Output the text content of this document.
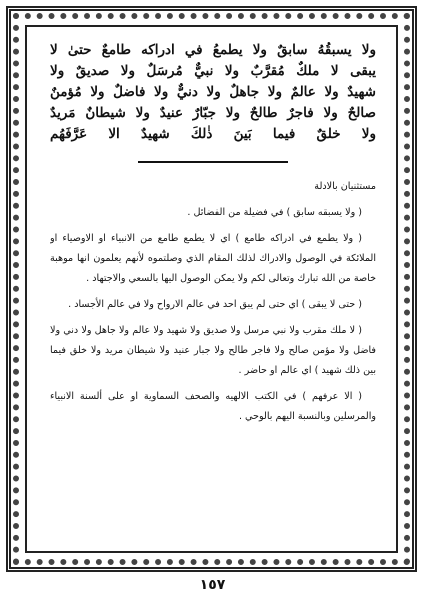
ولا يسبقُهُ سابقٌ ولا يطمعُ في ادراكه طامعٌ حتىٰ لا
يبقى لا ملكٌ مُقرَّبٌ ولا نبيٌّ مُرسَلٌ ولا صديقٌ ولا
شهيدٌ ولا عالمٌ ولا جاهلٌ ولا دنيٌّ ولا فاضلٌ ولا مُؤمنٌ
صالحٌ ولا فاجرٌ طالحٌ ولا جبّارٌ عنيدٌ ولا شيطانٌ مَريدٌ
ولا خلقٌ فيما بَينَ ذٰلكَ شهيدٌ الا عَرَّفَهُم

مستثنيان بالادلة

( ولا يسبقه سابق ) في فضيلة من الفضائل .

( ولا يطمع في ادراكه طامع ) اي لا يطمع طامع من الانبياء او الاوصياء او الملائكة في الوصول والادراك لذلك المقام الذي وصلتموه لأنهم يعلمون انها موهبة خاصة من الله تبارك وتعالى لكم ولا يمكن الوصول اليها بالسعي والاجتهاد .

( حتى لا يبقى ) اي حتى لم يبق احد في عالم الارواح ولا في عالم الأجساد .

( لا ملك مقرب ولا نبي مرسل ولا صديق ولا شهيد ولا عالم ولا جاهل ولا دني ولا فاضل ولا مؤمن صالح ولا فاجر طالح ولا جبار عنيد ولا شيطان مريد ولا خلق فيما بين ذلك شهيد ) اي عالم او حاضر .

( الا عرفهم ) في الكتب الالهيه والصحف السماوية او على ألسنة الانبياء والمرسلين وبالنسبة اليهم بالوحي .

١٥٧
